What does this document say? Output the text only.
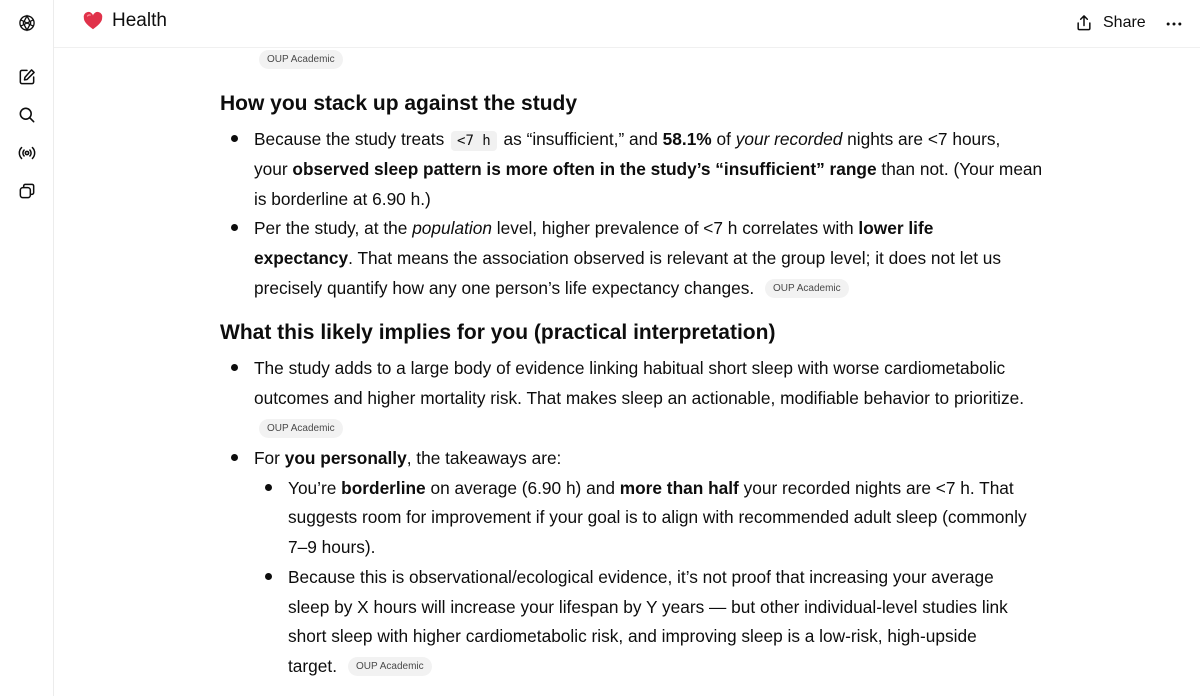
Health	Share
OUP Academic
How you stack up against the study
Because the study treats <7 h as “insufficient,” and 58.1% of your recorded nights are <7 hours,
your observed sleep pattern is more often in the study’s “insufficient” range than not. (Your mean
is borderline at 6.90 h.)
Per the study, at the population level, higher prevalence of <7 h correlates with lower life
expectancy. That means the association observed is relevant at the group level; it does not let us
precisely quantify how any one person’s life expectancy changes.	OUP Academic
What this likely implies for you (practical interpretation)
The study adds to a large body of evidence linking habitual short sleep with worse cardiometabolic
outcomes and higher mortality risk. That makes sleep an actionable, modifiable behavior to prioritize.
OUP Academic
For you personally, the takeaways are:
You’re borderline on average (6.90 h) and more than half your recorded nights are <7 h. That
suggests room for improvement if your goal is to align with recommended adult sleep (commonly
7–9 hours).
Because this is observational/ecological evidence, it’s not proof that increasing your average
sleep by X hours will increase your lifespan by Y years — but other individual-level studies link
short sleep with higher cardiometabolic risk, and improving sleep is a low-risk, high-upside
target.	OUP Academic
